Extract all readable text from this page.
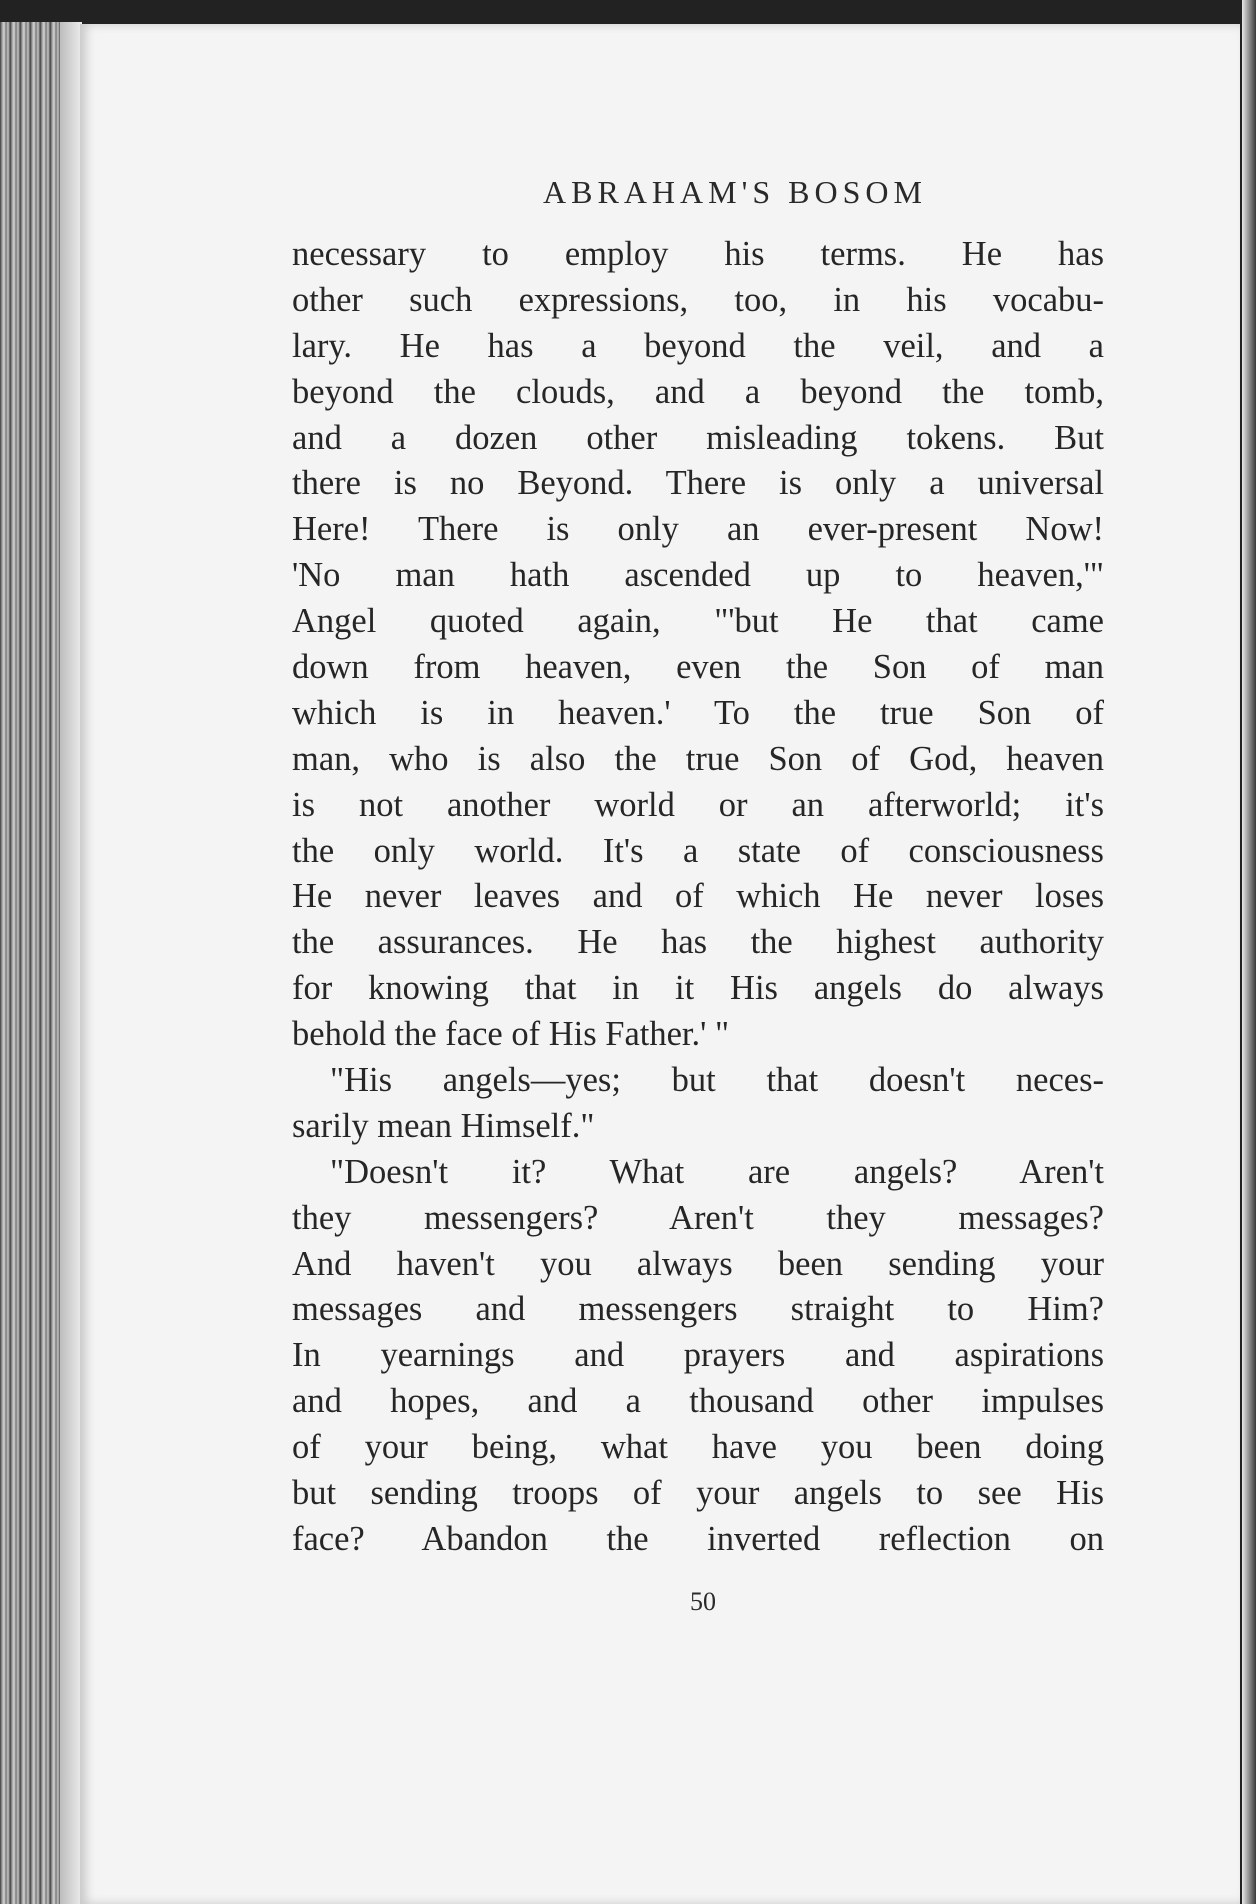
ABRAHAM'S BOSOM
necessary to employ his terms. He has
other such expressions, too, in his vocabu-
lary. He has a beyond the veil, and a
beyond the clouds, and a beyond the tomb,
and a dozen other misleading tokens. But
there is no Beyond. There is only a universal
Here! There is only an ever-present Now!
'No man hath ascended up to heaven,'"
Angel quoted again, "'but He that came
down from heaven, even the Son of man
which is in heaven.' To the true Son of
man, who is also the true Son of God, heaven
is not another world or an afterworld; it's
the only world. It's a state of consciousness
He never leaves and of which He never loses
the assurances. He has the highest authority
for knowing that in it His angels do always
behold the face of His Father.' "
"His angels—yes; but that doesn't neces-
sarily mean Himself."
"Doesn't it? What are angels? Aren't
they messengers? Aren't they messages?
And haven't you always been sending your
messages and messengers straight to Him?
In yearnings and prayers and aspirations
and hopes, and a thousand other impulses
of your being, what have you been doing
but sending troops of your angels to see His
face? Abandon the inverted reflection on
50
